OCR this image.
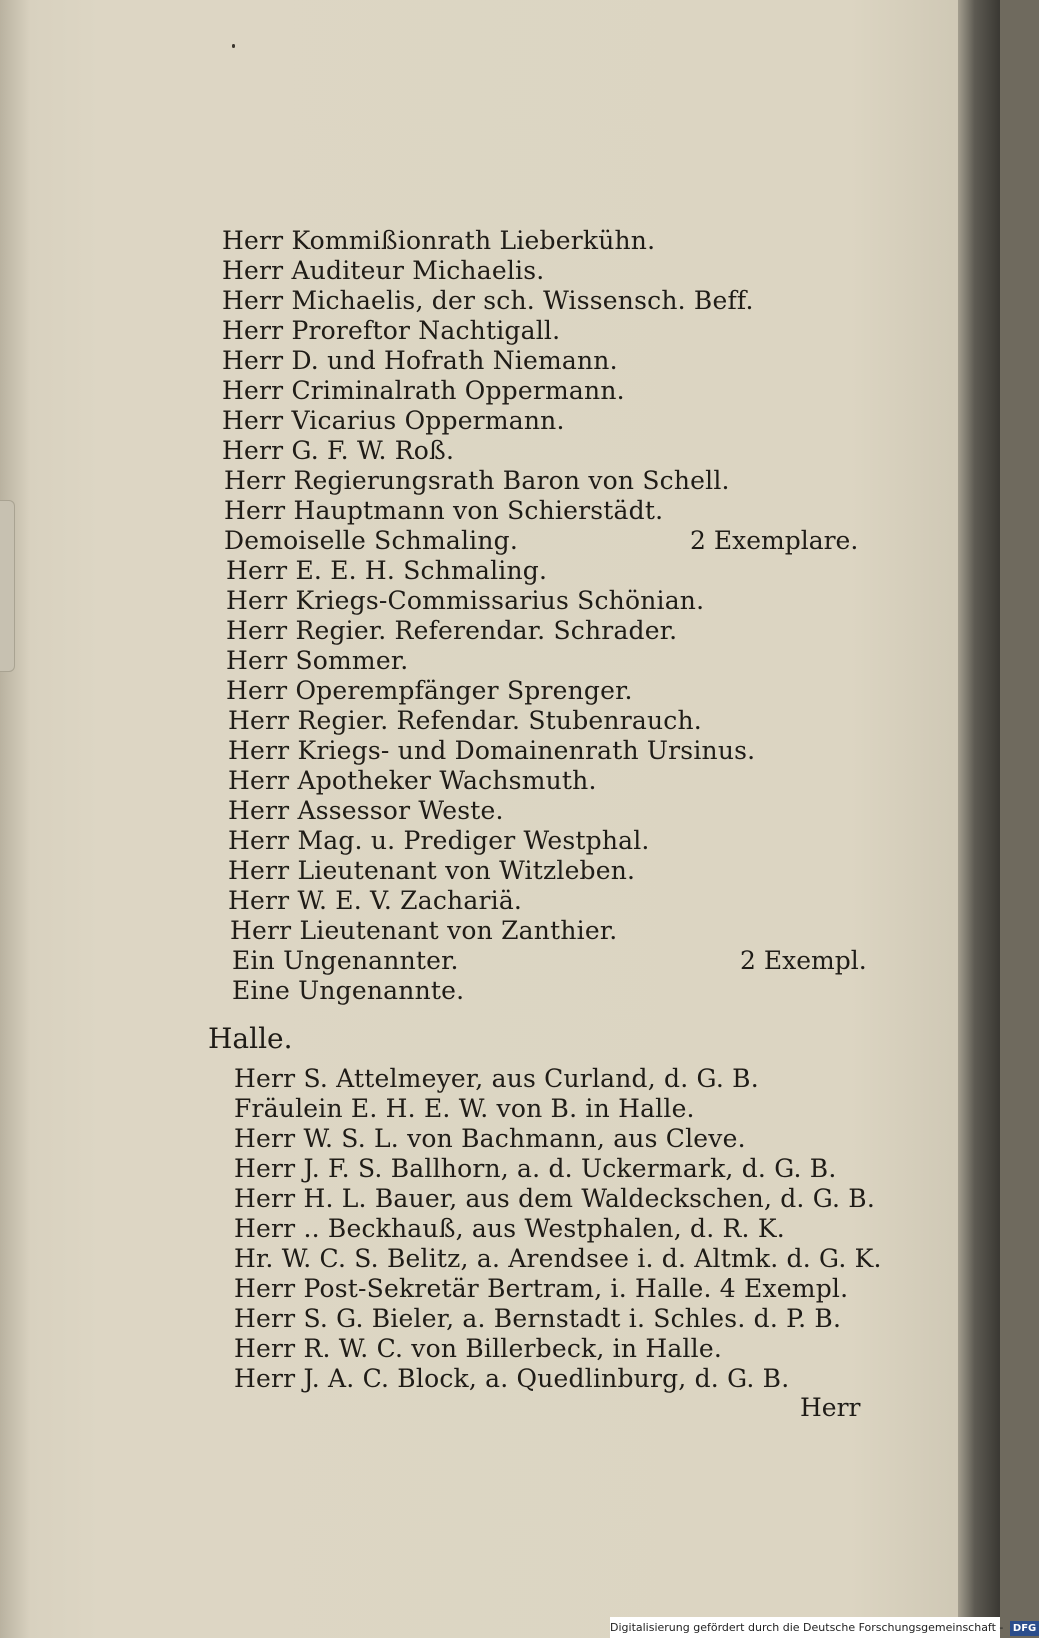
Herr Kommißionrath Lieberkühn.
Herr Auditeur Michaelis.
Herr Michaelis, der sch. Wissensch. Beff.
Herr Proreftor Nachtigall.
Herr D. und Hofrath Niemann.
Herr Criminalrath Oppermann.
Herr Vicarius Oppermann.
Herr G. F. W. Roß.
Herr Regierungsrath Baron von Schell.
Herr Hauptmann von Schierstädt.
Demoiselle Schmaling.	2 Exemplare.
Herr E. E. H. Schmaling.
Herr Kriegs-Commissarius Schönian.
Herr Regier. Referendar. Schrader.
Herr Sommer.
Herr Operempfänger Sprenger.
Herr Regier. Refendar. Stubenrauch.
Herr Kriegs- und Domainenrath Ursinus.
Herr Apotheker Wachsmuth.
Herr Assessor Weste.
Herr Mag. u. Prediger Westphal.
Herr Lieutenant von Witzleben.
Herr W. E. V. Zachariä.
Herr Lieutenant von Zanthier.
Ein Ungenannter.	2 Exempl.
Eine Ungenannte.
Halle.
Herr S. Attelmeyer, aus Curland, d. G. B.
Fräulein E. H. E. W. von B. in Halle.
Herr W. S. L. von Bachmann, aus Cleve.
Herr J. F. S. Ballhorn, a. d. Uckermark, d. G. B.
Herr H. L. Bauer, aus dem Waldeckschen, d. G. B.
Herr .. Beckhauß, aus Westphalen, d. R. K.
Hr. W. C. S. Belitz, a. Arendsee i. d. Altmk. d. G. K.
Herr Post-Sekretär Bertram, i. Halle. 4 Exempl.
Herr S. G. Bieler, a. Bernstadt i. Schles. d. P. B.
Herr R. W. C. von Billerbeck, in Halle.
Herr J. A. C. Block, a. Quedlinburg, d. G. B.
Herr
Digitalisierung gefördert durch die Deutsche Forschungsgemeinschaft - DFG
